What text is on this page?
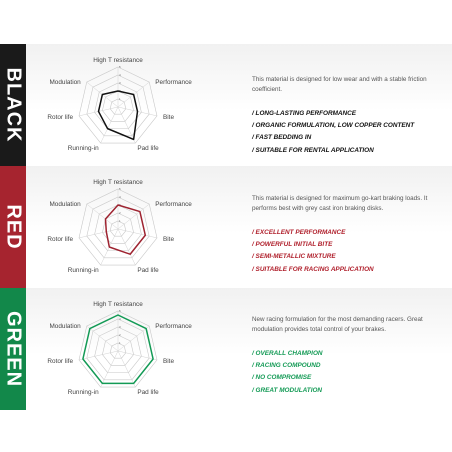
BLACK	1
2
3
4
5
High T resistance
Performance
Bite
Pad life
Running-in
Rotor life
Modulation	This material is designed for low wear and with a stable friction coefficient.

/ LONG-LASTING PERFORMANCE
/ ORGANIC FORMULATION, LOW COPPER CONTENT
/ FAST BEDDING IN
/ SUITABLE FOR RENTAL APPLICATION
RED	1
2
3
4
5
High T resistance
Performance
Bite
Pad life
Running-in
Rotor life
Modulation

This material is designed for maximum go-kart braking loads. It performs best with grey cast iron braking disks.

/ EXCELLENT PERFORMANCE
/ POWERFUL INITIAL BITE
/ SEMI-METALLIC MIXTURE
/ SUITABLE FOR RACING APPLICATION
GREEN	1
2
3
4
5
High T resistance
Performance
Bite
Pad life
Running-in
Rotor life
Modulation

New racing formulation for the most demanding racers. Great modulation provides total control of your brakes.

/ OVERALL CHAMPION
/ RACING COMPOUND
/ NO COMPROMISE
/ GREAT MODULATION
